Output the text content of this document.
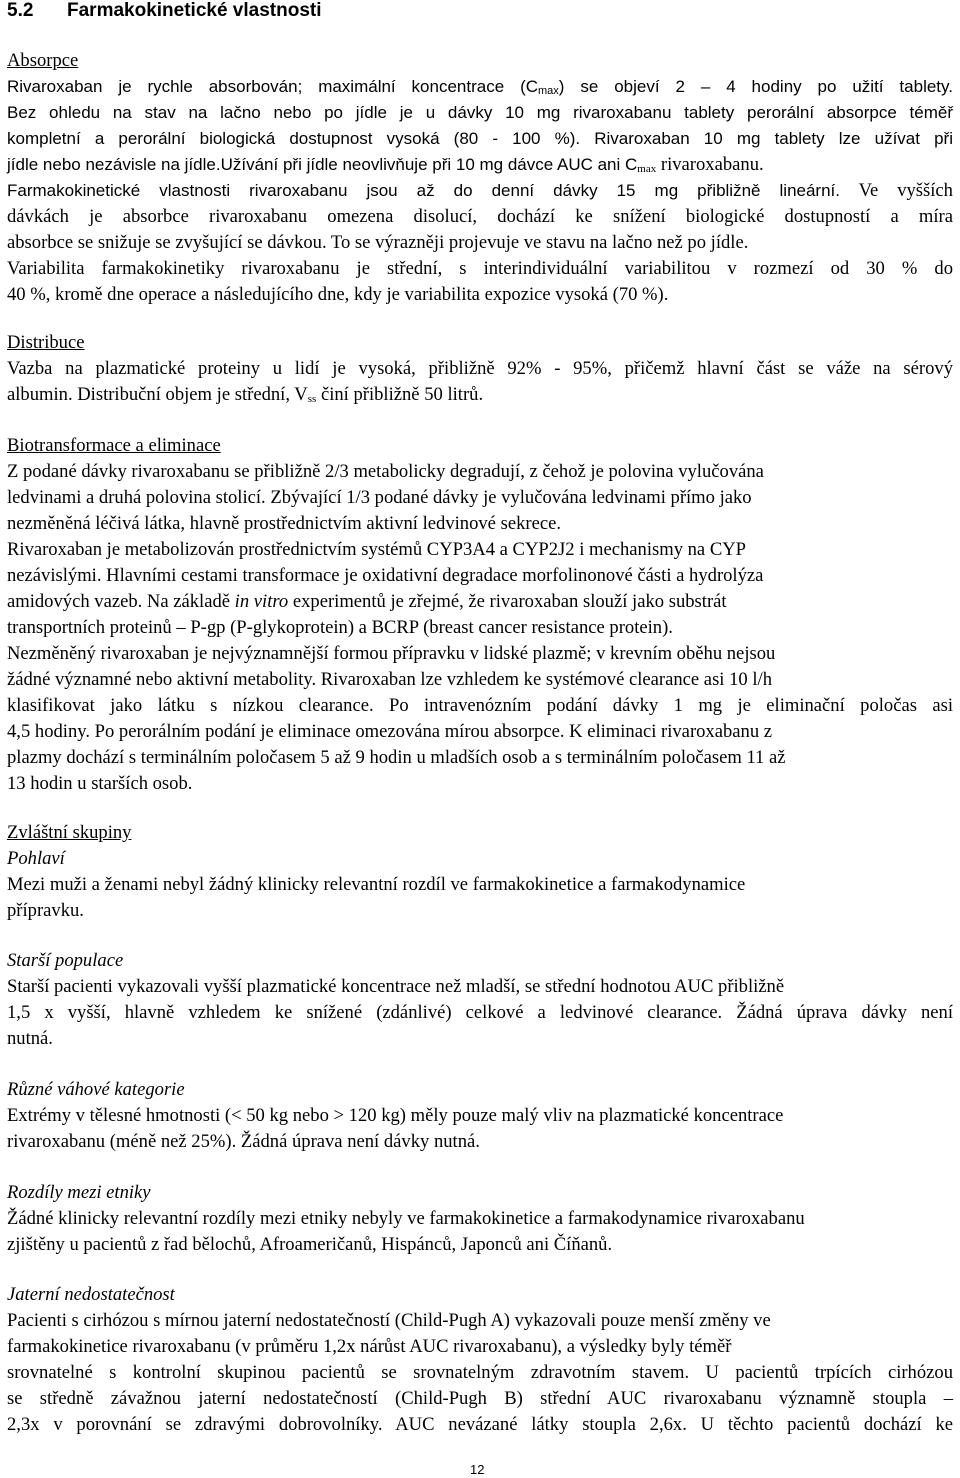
5.2 Farmakokinetické vlastnosti
Absorpce
Rivaroxaban je rychle absorbován; maximální koncentrace $(C_{max})$ se objeví 2 – 4 hodiny po užití tablety.
Bez ohledu na stav na lačno nebo po jídle je u dávky 10 mg rivaroxabanu tablety perorální absorpce téměř
kompletní a perorální biologická dostupnost vysoká (80 - 100 %). Rivaroxaban 10 mg tablety lze užívat při
jídle nebo nezávisle na jídle.Užívání při jídle neovlivňuje při 10 mg dávce AUC ani $C_{max}$ rivaroxabanu.
Farmakokinetické vlastnosti rivaroxabanu jsou až do denní dávky 15 mg přibližně lineární. Ve vyšších
dávkách je absorbce rivaroxabanu omezena disolucí, dochází ke snížení biologické dostupností a míra
absorbce se snižuje se zvyšující se dávkou. To se výrazněji projevuje ve stavu na lačno než po jídle.
Variabilita farmakokinetiky rivaroxabanu je střední, s interindividuální variabilitou v rozmezí od 30 % do
40 %, kromě dne operace a následujícího dne, kdy je variabilita expozice vysoká (70 %).
Distribuce
Vazba na plazmatické proteiny u lidí je vysoká, přibližně 92% - 95%, přičemž hlavní část se váže na sérový
albumin. Distribuční objem je střední, $V_{ss}$ činí přibližně 50 litrů.
Biotransformace a eliminace
Z podané dávky rivaroxabanu se přibližně 2/3 metabolicky degradují, z čehož je polovina vylučována
ledvinami a druhá polovina stolicí. Zbývající 1/3 podané dávky je vylučována ledvinami přímo jako
nezměněná léčivá látka, hlavně prostřednictvím aktivní ledvinové sekrece.
Rivaroxaban je metabolizován prostřednictvím systémů CYP3A4 a CYP2J2 i mechanismy na CYP
nezávislými. Hlavními cestami transformace je oxidativní degradace morfolinonové části a hydrolýza
amidových vazeb. Na základě in vitro experimentů je zřejmé, že rivaroxaban slouží jako substrát
transportních proteinů – P-gp (P-glykoprotein) a BCRP (breast cancer resistance protein).
Nezměněný rivaroxaban je nejvýznamnější formou přípravku v lidské plazmě; v krevním oběhu nejsou
žádné významné nebo aktivní metabolity. Rivaroxaban lze vzhledem ke systémové clearance asi 10 l/h
klasifikovat jako látku s nízkou clearance. Po intravenózním podání dávky 1 mg je eliminační poločas asi
4,5 hodiny. Po perorálním podání je eliminace omezována mírou absorpce. K eliminaci rivaroxabanu z
plazmy dochází s terminálním poločasem 5 až 9 hodin u mladších osob a s terminálním poločasem 11 až
13 hodin u starších osob.
Zvláštní skupiny
Pohlaví
Mezi muži a ženami nebyl žádný klinicky relevantní rozdíl ve farmakokinetice a farmakodynamice
přípravku.
Starší populace
Starší pacienti vykazovali vyšší plazmatické koncentrace než mladší, se střední hodnotou AUC přibližně
1,5 x vyšší, hlavně vzhledem ke snížené (zdánlivé) celkové a ledvinové clearance. Žádná úprava dávky není
nutná.
Různé váhové kategorie
Extrémy v tělesné hmotnosti (< 50 kg nebo > 120 kg) měly pouze malý vliv na plazmatické koncentrace
rivaroxabanu (méně než 25%). Žádná úprava není dávky nutná.
Rozdíly mezi etniky
Žádné klinicky relevantní rozdíly mezi etniky nebyly ve farmakokinetice a farmakodynamice rivaroxabanu
zjištěny u pacientů z řad bělochů, Afroameričanů, Hispánců, Japonců ani Číňanů.
Jaterní nedostatečnost
Pacienti s cirhózou s mírnou jaterní nedostatečností (Child-Pugh A) vykazovali pouze menší změny ve
farmakokinetice rivaroxabanu (v průměru 1,2x nárůst AUC rivaroxabanu), a výsledky byly téměř
srovnatelné s kontrolní skupinou pacientů se srovnatelným zdravotním stavem. U pacientů trpících cirhózou
se středně závažnou jaterní nedostatečností (Child-Pugh B) střední AUC rivaroxabanu významně stoupla –
2,3x v porovnání se zdravými dobrovolníky. AUC nevázané látky stoupla 2,6x. U těchto pacientů dochází ke
12
